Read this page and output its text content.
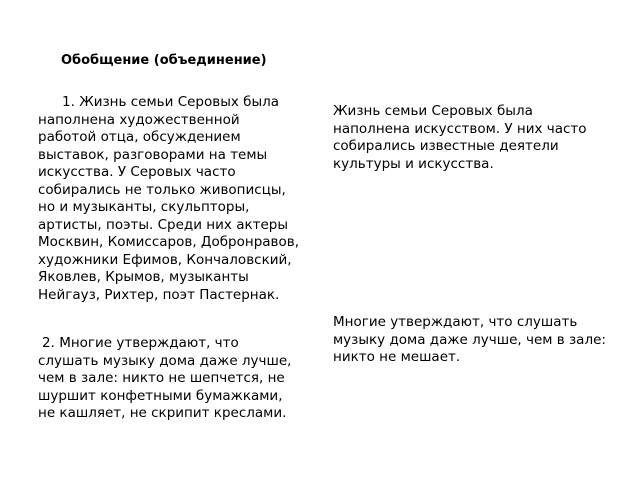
Обобщение (объединение)

1. Жизнь семьи Серовых была наполнена художественной работой отца, обсуждением выставок, разговорами на темы искусства. У Серовых часто собирались не только живописцы, но и музыканты, скульпторы, артисты, поэты. Среди них актеры Москвин, Комиссаров, Добронравов, художники Ефимов, Кончаловский, Яковлев, Крымов, музыканты Нейгауз, Рихтер, поэт Пастернак.

2. Многие утверждают, что слушать музыку дома даже лучше, чем в зале: никто не шепчется, не шуршит конфетными бумажками, не кашляет, не скрипит креслами.

Жизнь семьи Серовых была наполнена искусством. У них часто собирались известные деятели культуры и искусства.

Многие утверждают, что слушать музыку дома даже лучше, чем в зале: никто не мешает.
